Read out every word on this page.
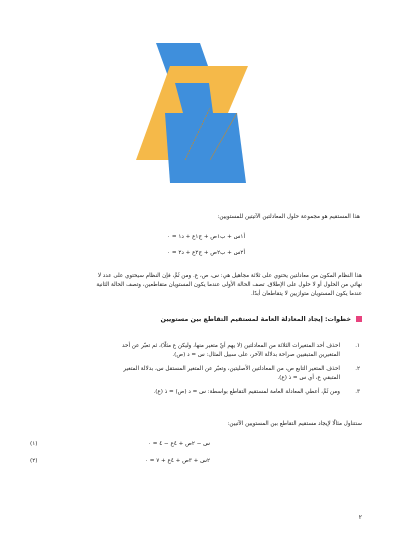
هذا المستقيم هو مجموعة حلول المعادلتين الآتيتين للمستويين:
أ١س + ب١ص + ج١ع + د١ = ٠
أ٢س + ب٢ص + ج٢ع + د٢ = ٠
هذا النظام المكون من معادلتين يحتوي على ثلاثة مجاهيل هي: س، ص، ع. ومن ثَمَّ، فإن النظام سيحتوي على عدد لا
نهائي من الحلول أو لا حلول على الإطلاق. تصف الحالة الأولى عندما يكون المستويان متقاطعين، وتصف الحالة الثانية
عندما يكون المستويان متوازيين لا يتقاطعان أبدًا.
خطوات: إيجاد المعادلة العامة لمستقيم التقاطع بين مستويين
١.
احذف أحد المتغيرات الثلاثة من المعادلتين (لا يهم أيّ متغير منها، وليكن ع مثلًا)، ثم تعبّر عن أحد
المتغيرين المتبقيين صراحة بدلالة الآخر، على سبيل المثال: س = د (ص).
٢.
احذف المتغير التابع ص، من المعادلتين الأصليتين، وتعبّر عن المتغير المستقل س، بدلالة المتغير
المتبقي ع، أي س = ذ (ع).
٣.
ومن ثَمَّ، أعطي المعادلة العامة لمستقيم التقاطع بواسطة: س = د (ص) = ذ (ع).
سنتناول مثالًا لإيجاد مستقيم التقاطع بين المستويين الآتيين:
س − ٢ص + ٤ع − ٤ = ٠
(١)
٢س + ٣ص + ٤ع + ٧ = ٠
(٢)
٢
